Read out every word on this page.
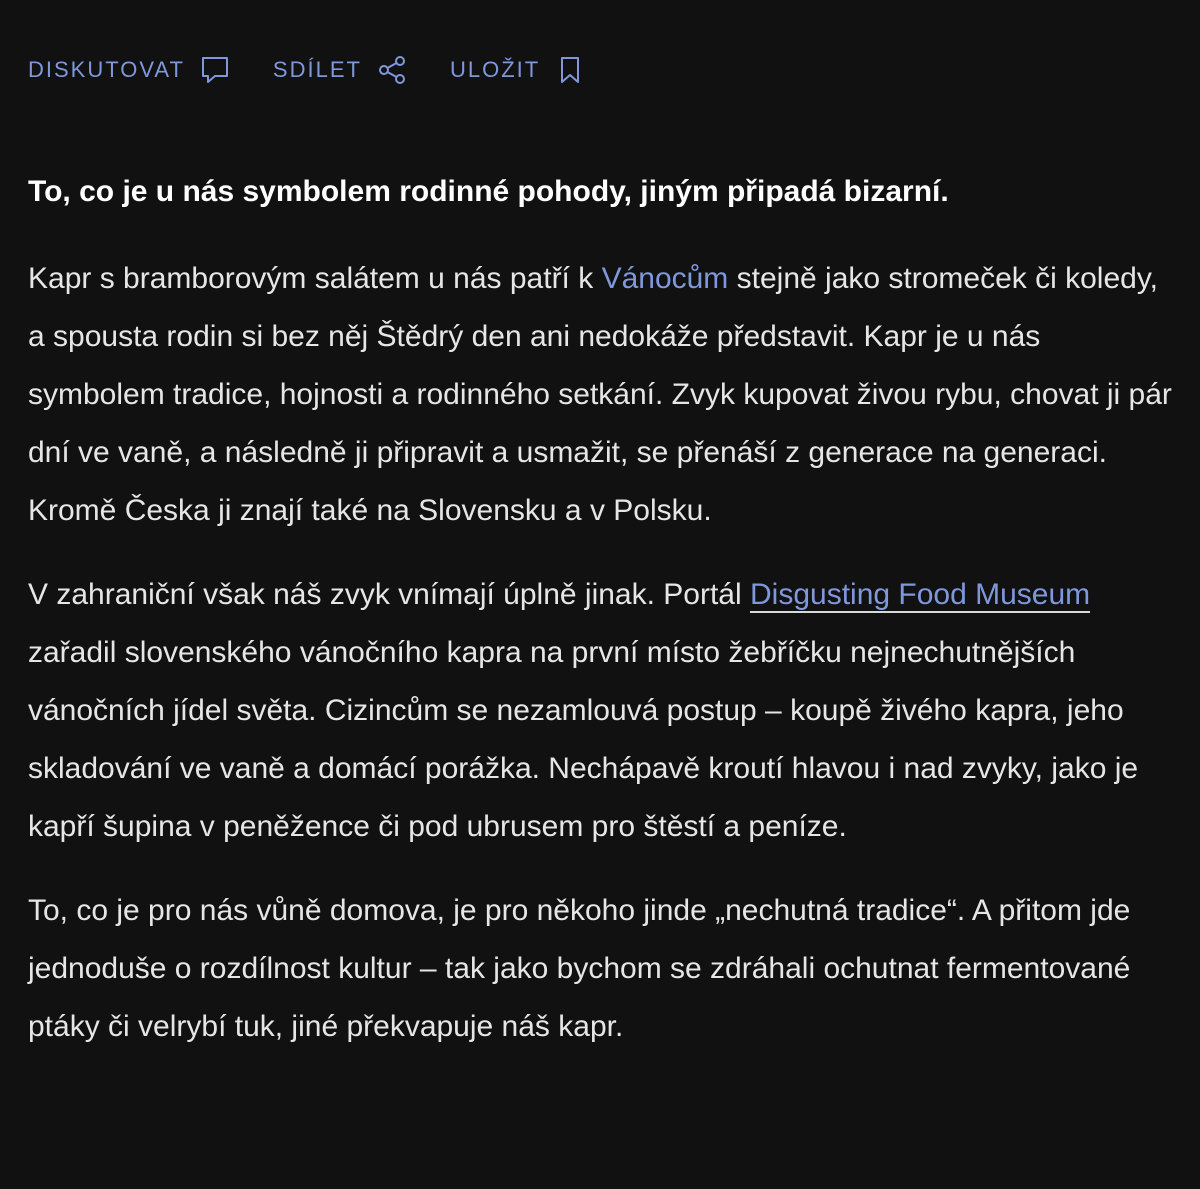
DISKUTOVAT	SDÍLET	ULOŽIT

To, co je u nás symbolem rodinné pohody, jiným připadá bizarní.

Kapr s bramborovým salátem u nás patří k Vánocům stejně jako stromeček či koledy, a spousta rodin si bez něj Štědrý den ani nedokáže představit. Kapr je u nás symbolem tradice, hojnosti a rodinného setkání. Zvyk kupovat živou rybu, chovat ji pár dní ve vaně, a následně ji připravit a usmažit, se přenáší z generace na generaci. Kromě Česka ji znají také na Slovensku a v Polsku.

V zahraniční však náš zvyk vnímají úplně jinak. Portál Disgusting Food Museum zařadil slovenského vánočního kapra na první místo žebříčku nejnechutnějších vánočních jídel světa. Cizincům se nezamlouvá postup – koupě živého kapra, jeho skladování ve vaně a domácí porážka. Nechápavě kroutí hlavou i nad zvyky, jako je kapří šupina v peněžence či pod ubrusem pro štěstí a peníze.

To, co je pro nás vůně domova, je pro někoho jinde „nechutná tradice“. A přitom jde jednoduše o rozdílnost kultur – tak jako bychom se zdráhali ochutnat fermentované ptáky či velrybí tuk, jiné překvapuje náš kapr.
